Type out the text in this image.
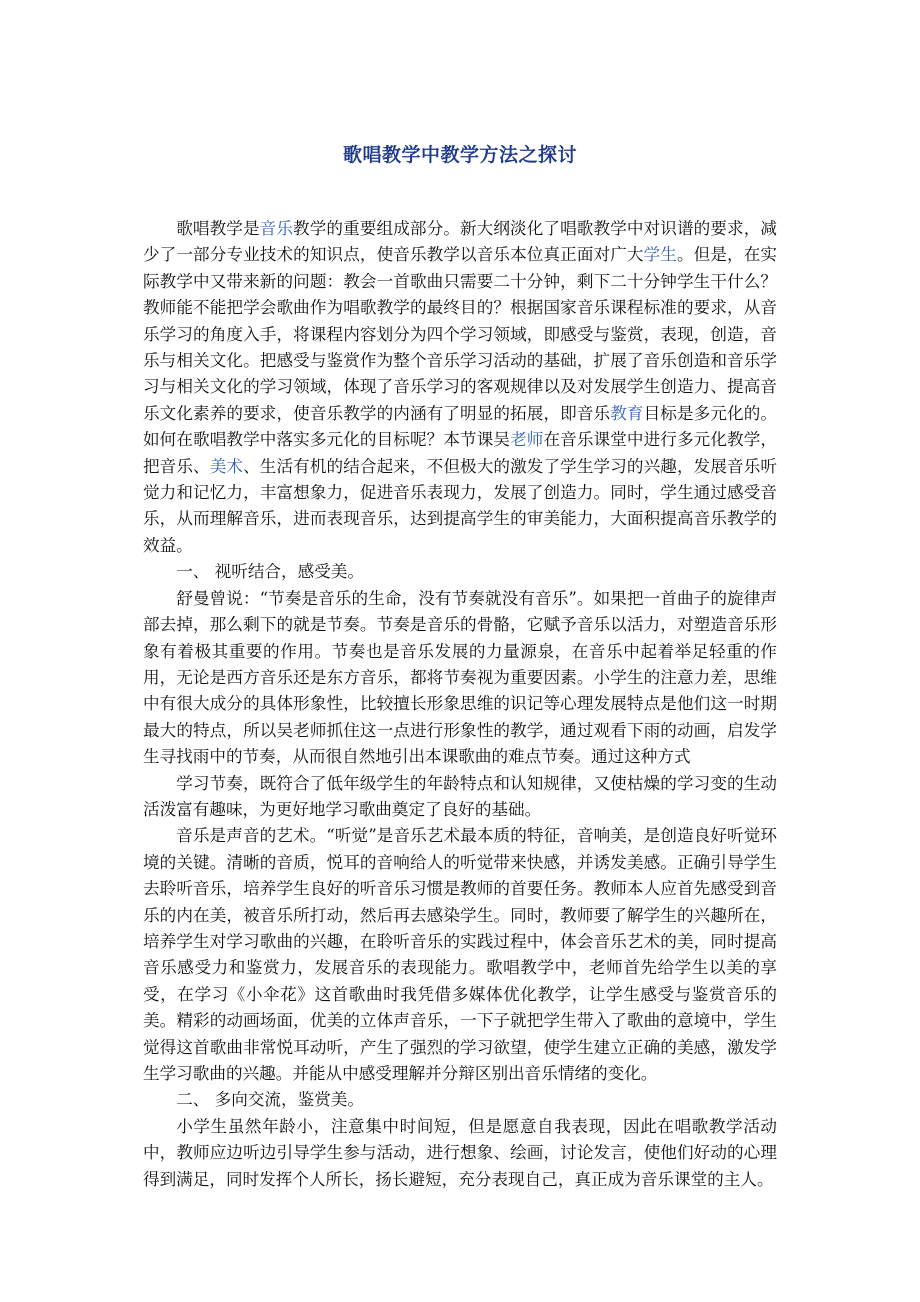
歌唱教学中教学方法之探讨

歌唱教学是音乐教学的重要组成部分。新大纲淡化了唱歌教学中对识谱的要求，减少了一部分专业技术的知识点，使音乐教学以音乐本位真正面对广大学生。但是，在实际教学中又带来新的问题：教会一首歌曲只需要二十分钟，剩下二十分钟学生干什么？教师能不能把学会歌曲作为唱歌教学的最终目的？根据国家音乐课程标准的要求，从音乐学习的角度入手，将课程内容划分为四个学习领域，即感受与鉴赏，表现，创造，音乐与相关文化。把感受与鉴赏作为整个音乐学习活动的基础，扩展了音乐创造和音乐学习与相关文化的学习领域，体现了音乐学习的客观规律以及对发展学生创造力、提高音乐文化素养的要求，使音乐教学的内涵有了明显的拓展，即音乐教育目标是多元化的。如何在歌唱教学中落实多元化的目标呢？本节课吴老师在音乐课堂中进行多元化教学，把音乐、美术、生活有机的结合起来，不但极大的激发了学生学习的兴趣，发展音乐听觉力和记忆力，丰富想象力，促进音乐表现力，发展了创造力。同时，学生通过感受音乐，从而理解音乐，进而表现音乐，达到提高学生的审美能力，大面积提高音乐教学的效益。

一、 视听结合，感受美。

舒曼曾说：“节奏是音乐的生命，没有节奏就没有音乐”。如果把一首曲子的旋律声部去掉，那么剩下的就是节奏。节奏是音乐的骨骼，它赋予音乐以活力，对塑造音乐形象有着极其重要的作用。节奏也是音乐发展的力量源泉，在音乐中起着举足轻重的作用，无论是西方音乐还是东方音乐，都将节奏视为重要因素。小学生的注意力差，思维中有很大成分的具体形象性，比较擅长形象思维的识记等心理发展特点是他们这一时期最大的特点，所以吴老师抓住这一点进行形象性的教学，通过观看下雨的动画，启发学生寻找雨中的节奏，从而很自然地引出本课歌曲的难点节奏。通过这种方式

学习节奏，既符合了低年级学生的年龄特点和认知规律，又使枯燥的学习变的生动活泼富有趣味，为更好地学习歌曲奠定了良好的基础。

音乐是声音的艺术。“听觉”是音乐艺术最本质的特征，音响美，是创造良好听觉环境的关键。清晰的音质，悦耳的音响给人的听觉带来快感，并诱发美感。正确引导学生去聆听音乐，培养学生良好的听音乐习惯是教师的首要任务。教师本人应首先感受到音乐的内在美，被音乐所打动，然后再去感染学生。同时，教师要了解学生的兴趣所在，培养学生对学习歌曲的兴趣，在聆听音乐的实践过程中，体会音乐艺术的美，同时提高音乐感受力和鉴赏力，发展音乐的表现能力。歌唱教学中，老师首先给学生以美的享受，在学习《小伞花》这首歌曲时我凭借多媒体优化教学，让学生感受与鉴赏音乐的美。精彩的动画场面，优美的立体声音乐，一下子就把学生带入了歌曲的意境中，学生觉得这首歌曲非常悦耳动听，产生了强烈的学习欲望，使学生建立正确的美感，激发学生学习歌曲的兴趣。并能从中感受理解并分辩区别出音乐情绪的变化。

二、 多向交流，鉴赏美。

小学生虽然年龄小，注意集中时间短，但是愿意自我表现，因此在唱歌教学活动中，教师应边听边引导学生参与活动，进行想象、绘画，讨论发言，使他们好动的心理得到满足，同时发挥个人所长，扬长避短，充分表现自己，真正成为音乐课堂的主人。
